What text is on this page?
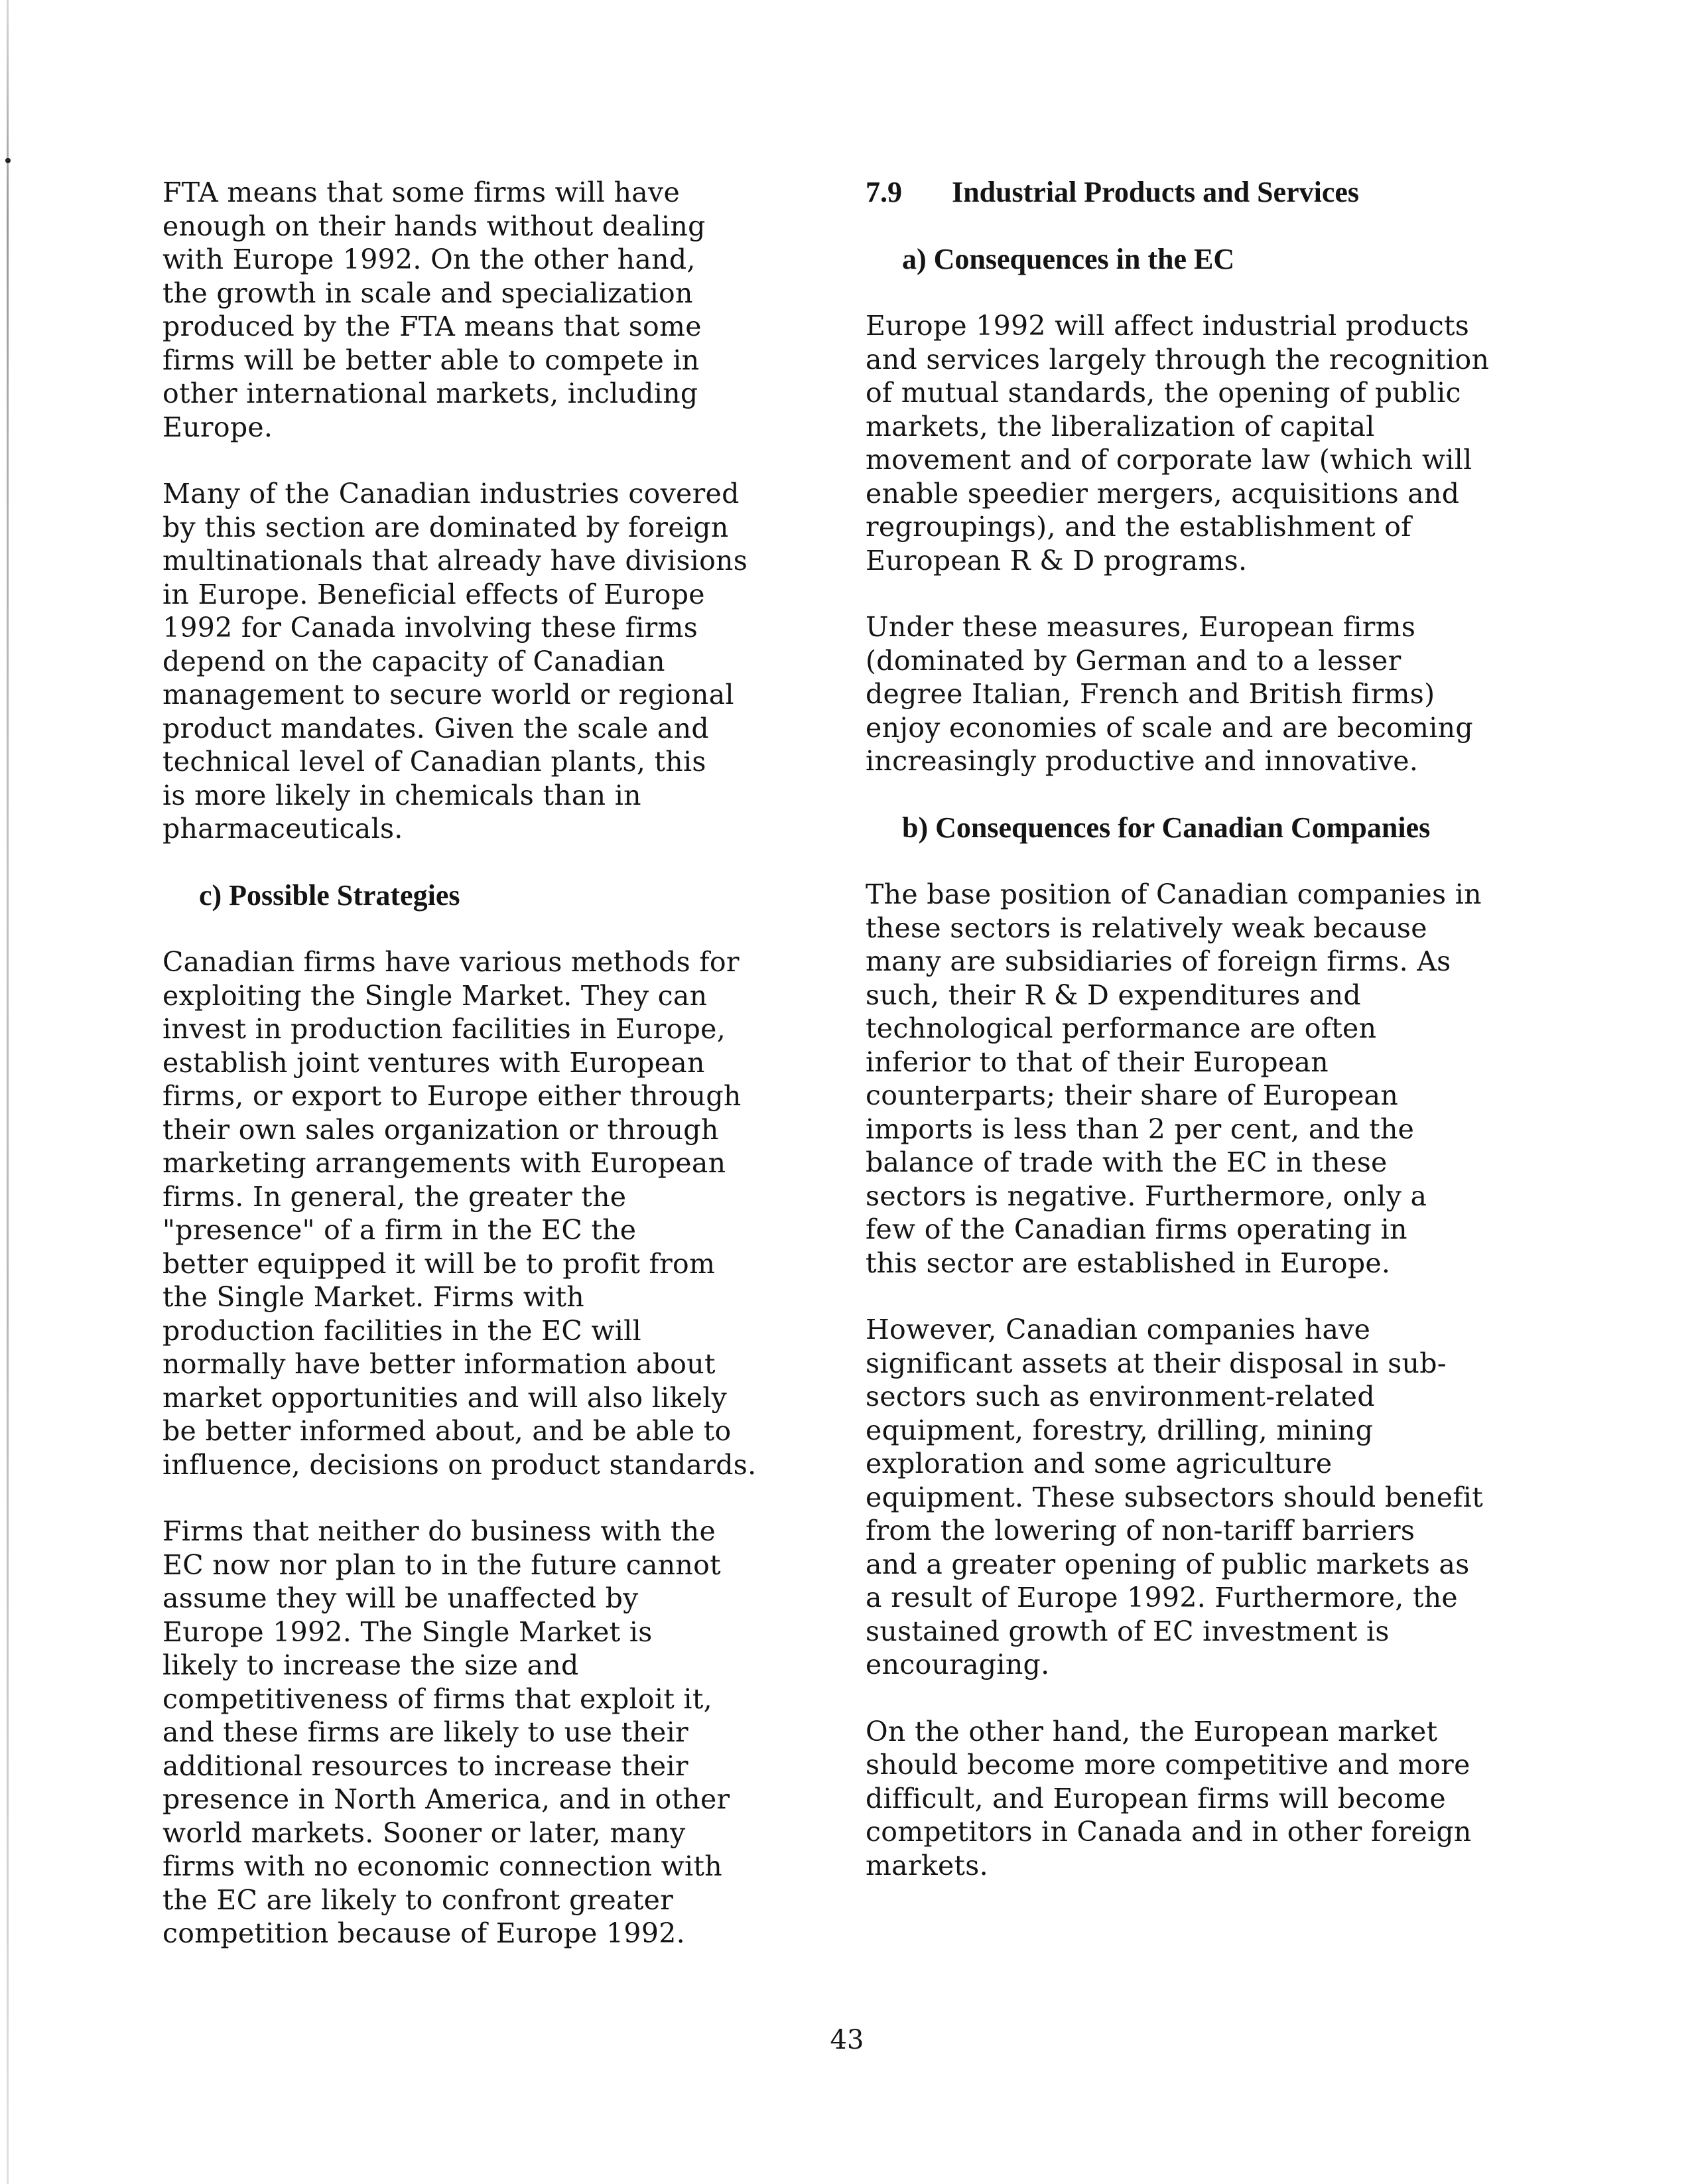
FTA means that some firms will have
enough on their hands without dealing
with Europe 1992. On the other hand,
the growth in scale and specialization
produced by the FTA means that some
firms will be better able to compete in
other international markets, including
Europe.

Many of the Canadian industries covered
by this section are dominated by foreign
multinationals that already have divisions
in Europe. Beneficial effects of Europe
1992 for Canada involving these firms
depend on the capacity of Canadian
management to secure world or regional
product mandates. Given the scale and
technical level of Canadian plants, this
is more likely in chemicals than in
pharmaceuticals.

c) Possible Strategies

Canadian firms have various methods for
exploiting the Single Market. They can
invest in production facilities in Europe,
establish joint ventures with European
firms, or export to Europe either through
their own sales organization or through
marketing arrangements with European
firms. In general, the greater the
"presence" of a firm in the EC the
better equipped it will be to profit from
the Single Market. Firms with
production facilities in the EC will
normally have better information about
market opportunities and will also likely
be better informed about, and be able to
influence, decisions on product standards.

Firms that neither do business with the
EC now nor plan to in the future cannot
assume they will be unaffected by
Europe 1992. The Single Market is
likely to increase the size and
competitiveness of firms that exploit it,
and these firms are likely to use their
additional resources to increase their
presence in North America, and in other
world markets. Sooner or later, many
firms with no economic connection with
the EC are likely to confront greater
competition because of Europe 1992.

7.9 Industrial Products and Services
a) Consequences in the EC

Europe 1992 will affect industrial products
and services largely through the recognition
of mutual standards, the opening of public
markets, the liberalization of capital
movement and of corporate law (which will
enable speedier mergers, acquisitions and
regroupings), and the establishment of
European R & D programs.

Under these measures, European firms
(dominated by German and to a lesser
degree Italian, French and British firms)
enjoy economies of scale and are becoming
increasingly productive and innovative.

b) Consequences for Canadian Companies

The base position of Canadian companies in
these sectors is relatively weak because
many are subsidiaries of foreign firms. As
such, their R & D expenditures and
technological performance are often
inferior to that of their European
counterparts; their share of European
imports is less than 2 per cent, and the
balance of trade with the EC in these
sectors is negative. Furthermore, only a
few of the Canadian firms operating in
this sector are established in Europe.

However, Canadian companies have
significant assets at their disposal in sub-
sectors such as environment-related
equipment, forestry, drilling, mining
exploration and some agriculture
equipment. These subsectors should benefit
from the lowering of non-tariff barriers
and a greater opening of public markets as
a result of Europe 1992. Furthermore, the
sustained growth of EC investment is
encouraging.

On the other hand, the European market
should become more competitive and more
difficult, and European firms will become
competitors in Canada and in other foreign
markets.

43
